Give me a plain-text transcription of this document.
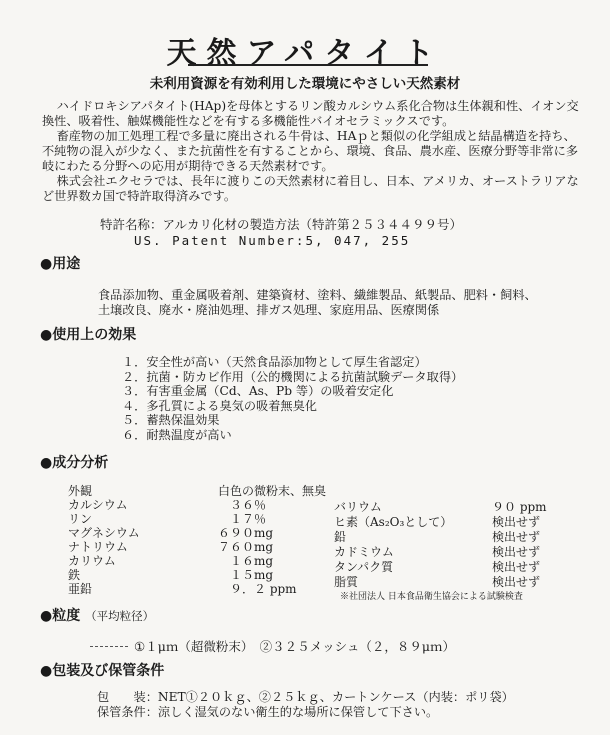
天然アパタイト
未利用資源を有効利用した環境にやさしい天然素材

ハイドロキシアパタイト(HAp)を母体とするリン酸カルシウム系化合物は生体親和性、イオン交換性、吸着性、触媒機能性などを有する多機能性バイオセラミックスです。

畜産物の加工処理工程で多量に廃出される牛骨は、HAｐと類似の化学組成と結晶構造を持ち、不純物の混入が少なく、また抗菌性を有することから、環境、食品、農水産、医療分野等非常に多岐にわたる分野への応用が期待できる天然素材です。

株式会社エクセラでは、長年に渡りこの天然素材に着目し、日本、アメリカ、オーストラリアなど世界数カ国で特許取得済みです。

特許名称：アルカリ化材の製造方法（特許第２５３４４９９号）
US. Patent Number:5, 047, 255
●用途
食品添加物、重金属吸着剤、建築資材、塗料、繊維製品、紙製品、肥料・飼料、
土壌改良、廃水・廃油処理、排ガス処理、家庭用品、医療関係
●使用上の効果
１．安全性が高い（天然食品添加物として厚生省認定）
２．抗菌・防カビ作用（公的機関による抗菌試験データ取得）
３．有害重金属（Cd、As、Pb 等）の吸着安定化
４．多孔質による臭気の吸着無臭化
５．蓄熱保温効果
６．耐熱温度が高い
●成分分析
外観	白色の微粉末、無臭
カルシウム	３６％
リン	１７％
マグネシウム	６９０mg
ナトリウム	７６０mg
カリウム	１６mg
鉄	１５mg
亜鉛	９．２ ppm
バリウム	９０ ppm
ヒ素（As₂O₃として）	検出せず
鉛	検出せず
カドミウム	検出せず
タンパク質	検出せず
脂質	検出せず
※社団法人 日本食品衛生協会による試験検査
●粒度 （平均粒径）
①１μｍ（超微粉末）　②３２５メッシュ（２，８９μｍ）
●包装及び保管条件
包　　装：NET①２０ｋｇ、②２５ｋｇ、カートンケース（内装：ポリ袋）
保管条件：涼しく湿気のない衛生的な場所に保管して下さい。
